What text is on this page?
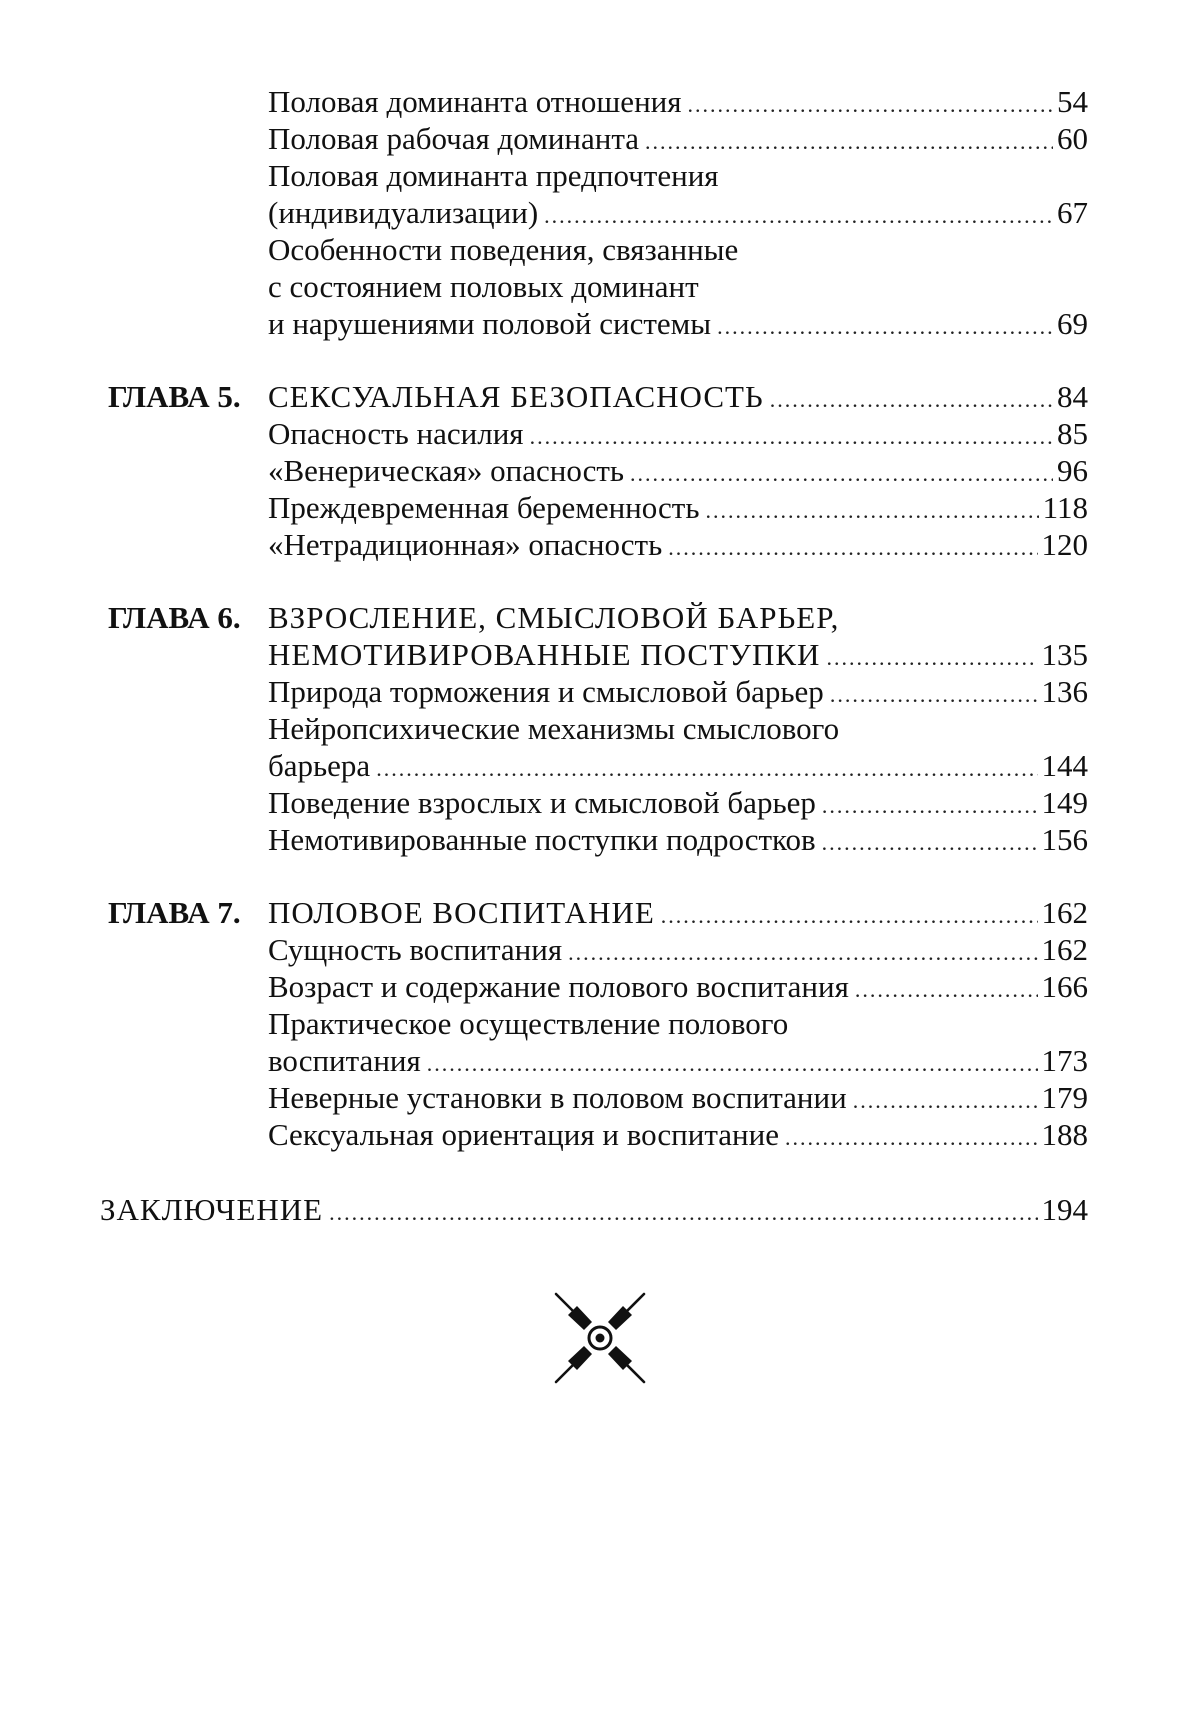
Половая доминанта отношения .....	54
Половая рабочая доминанта .....	60
Половая доминанта предпочтения
(индивидуализации) .....	67
Особенности поведения, связанные
с состоянием половых доминант
и нарушениями половой системы .....	69
ГЛАВА 5. СЕКСУАЛЬНАЯ БЕЗОПАСНОСТЬ .....	84
Опасность насилия .....	85
«Венерическая» опасность .....	96
Преждевременная беременность .....	118
«Нетрадиционная» опасность .....	120
ГЛАВА 6. ВЗРОСЛЕНИЕ, СМЫСЛОВОЙ БАРЬЕР,
НЕМОТИВИРОВАННЫЕ ПОСТУПКИ .....	135
Природа торможения и смысловой барьер .....	136
Нейропсихические механизмы смыслового
барьера .....	144
Поведение взрослых и смысловой барьер .....	149
Немотивированные поступки подростков .....	156
ГЛАВА 7. ПОЛОВОЕ ВОСПИТАНИЕ .....	162
Сущность воспитания .....	162
Возраст и содержание полового воспитания .....	166
Практическое осуществление полового
воспитания .....	173
Неверные установки в половом воспитании .....	179
Сексуальная ориентация и воспитание .....	188
ЗАКЛЮЧЕНИЕ .....	194
